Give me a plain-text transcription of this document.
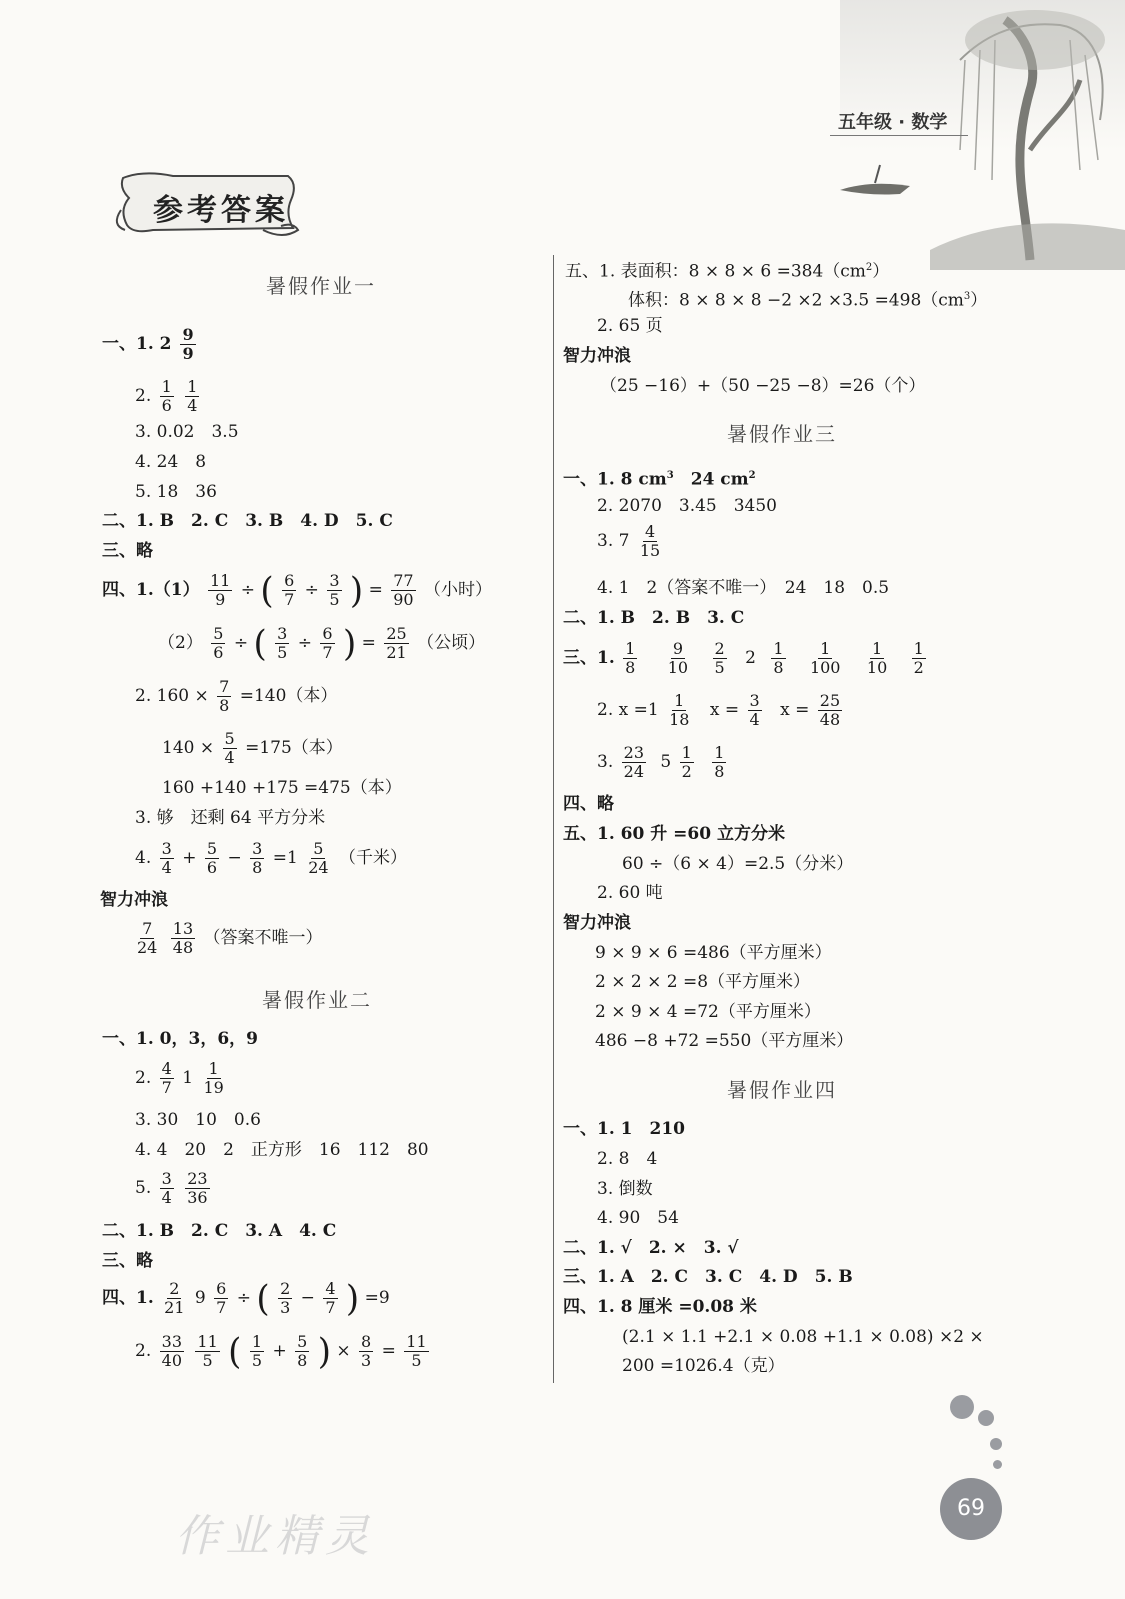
五年级 · 数学
参考答案
暑假作业一
一、1. $2 \frac{9}{9}$
2. $\frac{1}{6}$
$\frac{1}{4}$
3. 0.02　3.5
4. 24　8
5. 18　36
二、1. B　2. C　3. B　4. D　5. C
三、略
四、$1.(1) \frac{11}{9}$ ÷ ( $\frac{6}{7} \div \frac{3}{5}$ ) = $\frac{77}{90}$ （小时）
$(2) \frac{5}{6}$ ÷ ( $\frac{3}{5} \div \frac{6}{7}$ ) = $\frac{25}{21}$ （公顷）
2. $160 \times \frac{7}{8} =140$（本）
$140 \times \frac{5}{4} =175$（本）
160 +140 +175 =475（本）
3. 够　还剩 64 平方分米
4. $\frac{3}{4} + \frac{5}{6} - \frac{3}{8} =1 \frac{5}{24}$ （千米）
智力冲浪
$\frac{7}{24}$
$\frac{13}{48}$ （答案不唯一）
暑假作业二
一、1. 0，3，6，9
2. $\frac{4}{7} 1 \frac{1}{19}$
3. 30　10　0.6
4. 4　20　2　正方形　16　112　80
5. $\frac{3}{4}$
$\frac{23}{36}$
二、1. B　2. C　3. A　4. C
三、略
四、1. $\frac{2}{21} 9 \frac{6}{7}$ ÷ ( $\frac{2}{3} - \frac{4}{7}$ ) =9
2. $\frac{33}{40}$
$\frac{11}{5}$ ( $\frac{1}{5} + \frac{5}{8}$ ) × $\frac{8}{3} = \frac{11}{5}$
五、1. 表面积：$8 \times 8 \times 6 =384(cm^2)$
体积：$8 \times 8 \times 8 -2 \times 2 \times 3.5 =498(cm^3)$
2. 65 页
智力冲浪
（25 −16）+（50 −25 −8）=26（个）
暑假作业三
一、1. 8 $cm^3$　24 $cm^2$
2. 2070　3.45　3450
3. $7 \frac{4}{15}$
4. 1　2（答案不唯一）　24　18　0.5
二、1. B　2. B　3. C
三、1. $\frac{1}{8}$
$\frac{9}{10}$
$\frac{2}{5} 2 \frac{1}{8}$
$\frac{1}{100}$
$\frac{1}{10}$
$\frac{1}{2}$
2. $x =1 \frac{1}{18}$ $x = \frac{3}{4}$ $x = \frac{25}{48}$
3. $\frac{23}{24} 5 \frac{1}{2}$
$\frac{1}{8}$
四、略
五、1. 60 升 =60 立方分米
60 ÷（6 × 4）=2.5（分米）
2. 60 吨
智力冲浪
9 × 9 × 6 =486（平方厘米）
2 × 2 × 2 =8（平方厘米）
2 × 9 × 4 =72（平方厘米）
486 −8 +72 =550（平方厘米）
暑假作业四
一、1. 1　210
2. 8　4
3. 倒数
4. 90　54
二、1. √　2. ×　3. √
三、1. A　2. C　3. C　4. D　5. B
四、1. 8 厘米 =0.08 米
(2.1 × 1.1 +2.1 × 0.08 +1.1 × 0.08) ×2 ×
200 =1026.4（克）
69
作业精灵
